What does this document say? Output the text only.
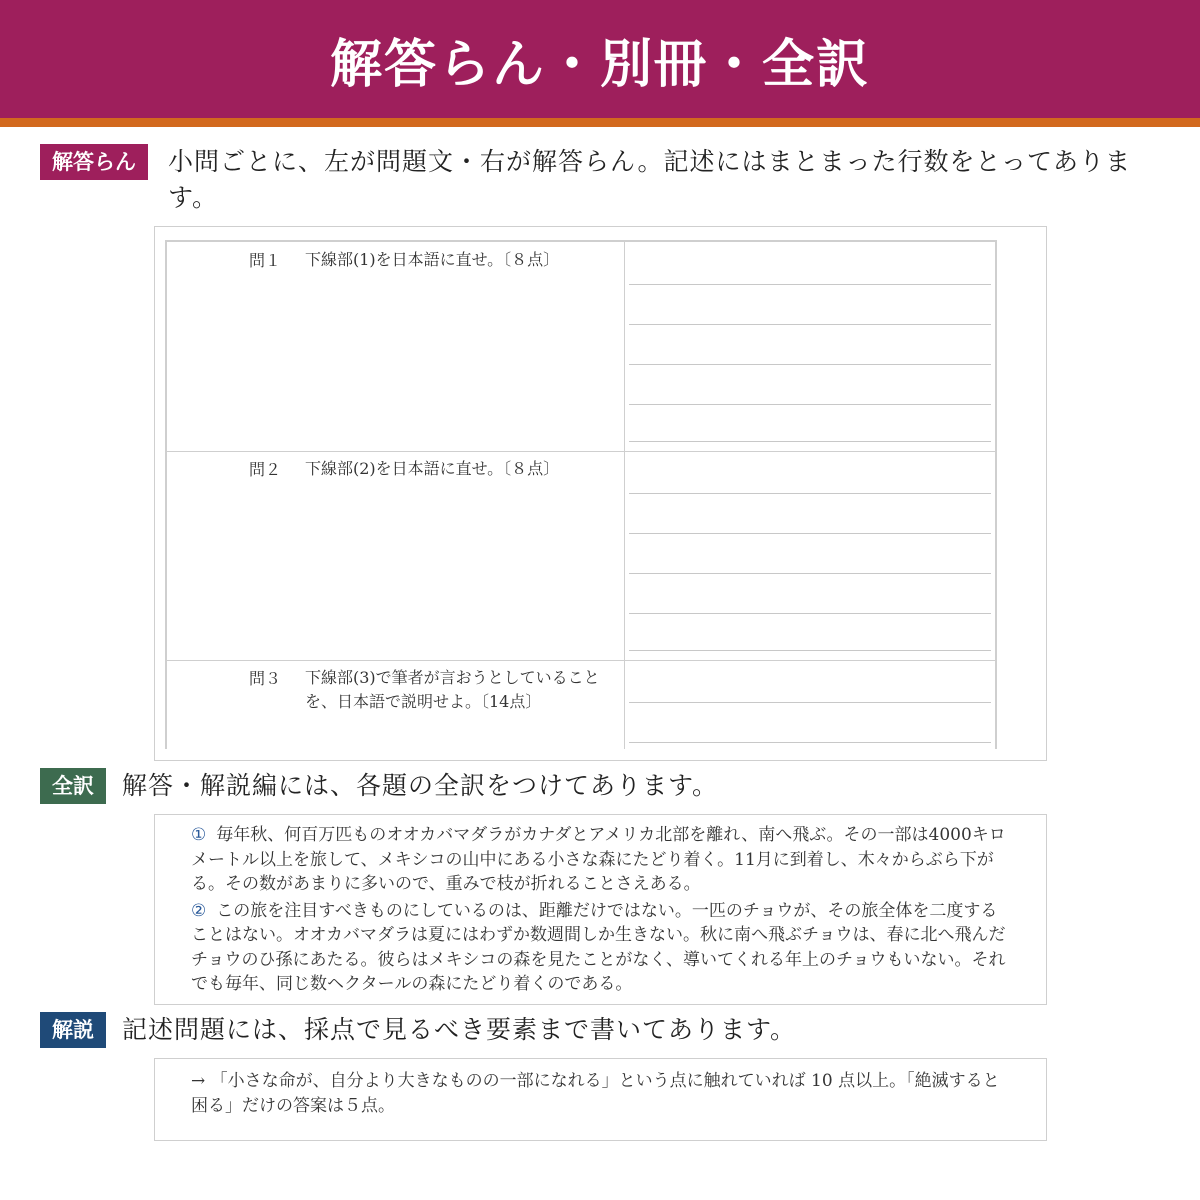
解答らん・別冊・全訳
解答らん	小問ごとに、左が問題文・右が解答らん。記述にはまとまった行数をとってあります。
問１ 下線部(1)を日本語に直せ。〔８点〕
問２ 下線部(2)を日本語に直せ。〔８点〕
問３ 下線部(3)で筆者が言おうとしていることを、日本語で説明せよ。〔14点〕
全訳	解答・解説編には、各題の全訳をつけてあります。
① 毎年秋、何百万匹ものオオカバマダラがカナダとアメリカ北部を離れ、南へ飛ぶ。その一部は4000キロメートル以上を旅して、メキシコの山中にある小さな森にたどり着く。11月に到着し、木々からぶら下がる。その数があまりに多いので、重みで枝が折れることさえある。
② この旅を注目すべきものにしているのは、距離だけではない。一匹のチョウが、その旅全体を二度することはない。オオカバマダラは夏にはわずか数週間しか生きない。秋に南へ飛ぶチョウは、春に北へ飛んだチョウのひ孫にあたる。彼らはメキシコの森を見たことがなく、導いてくれる年上のチョウもいない。それでも毎年、同じ数ヘクタールの森にたどり着くのである。
解説	記述問題には、採点で見るべき要素まで書いてあります。
→ 「小さな命が、自分より大きなものの一部になれる」という点に触れていれば 10 点以上。「絶滅すると困る」だけの答案は５点。
